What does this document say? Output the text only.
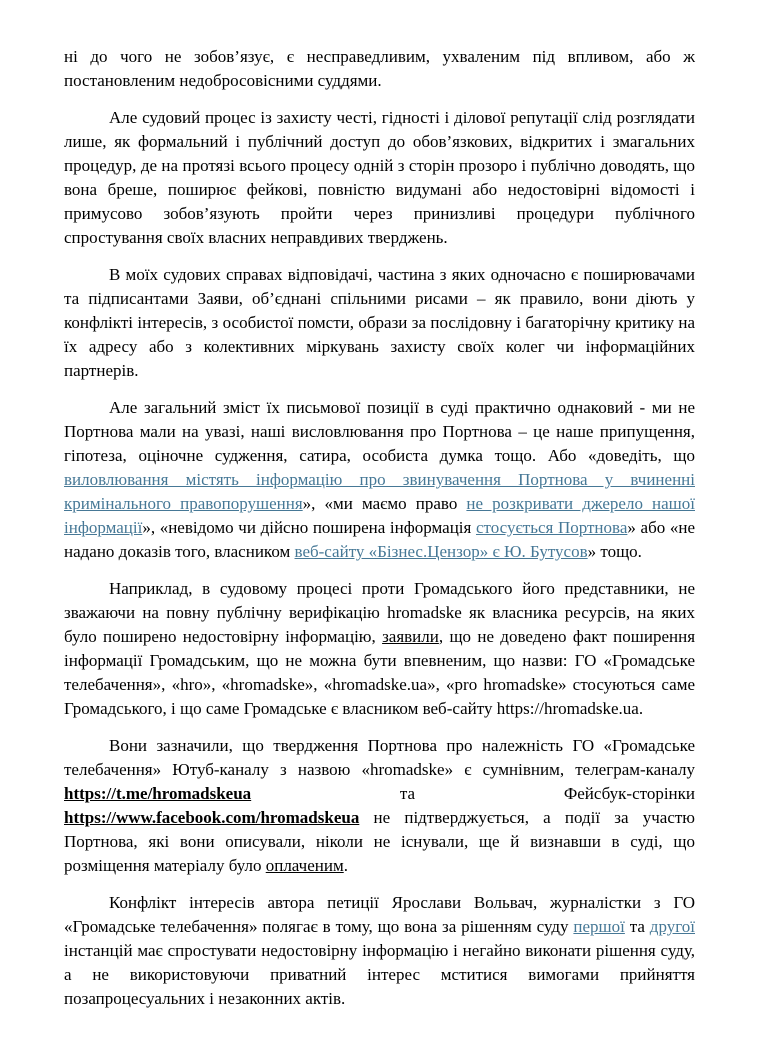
ні до чого не зобов’язує, є несправедливим, ухваленим під впливом, або ж постановленим недобросовісними суддями.

Але судовий процес із захисту честі, гідності і ділової репутації слід розглядати лише, як формальний і публічний доступ до обов’язкових, відкритих і змагальних процедур, де на протязі всього процесу одній з сторін прозоро і публічно доводять, що вона бреше, поширює фейкові, повністю видумані або недостовірні відомості і примусово зобов’язують пройти через принизливі процедури публічного спростування своїх власних неправдивих тверджень.

В моїх судових справах відповідачі, частина з яких одночасно є поширювачами та підписантами Заяви, об’єднані спільними рисами – як правило, вони діють у конфлікті інтересів, з особистої помсти, образи за послідовну і багаторічну критику на їх адресу або з колективних міркувань захисту своїх колег чи інформаційних партнерів.

Але загальний зміст їх письмової позиції в суді практично однаковий - ми не Портнова мали на увазі, наші висловлювання про Портнова – це наше припущення, гіпотеза, оціночне судження, сатира, особиста думка тощо. Або «доведіть, що виловлювання містять інформацію про звинувачення Портнова у вчиненні кримінального правопорушення», «ми маємо право не розкривати джерело нашої інформації», «невідомо чи дійсно поширена інформація стосується Портнова» або «не надано доказів того, власником веб-сайту «Бізнес.Цензор» є Ю. Бутусов» тощо.

Наприклад, в судовому процесі проти Громадського його представники, не зважаючи на повну публічну верифікацію hromadske як власника ресурсів, на яких було поширено недостовірну інформацію, заявили, що не доведено факт поширення інформації Громадським, що не можна бути впевненим, що назви: ГО «Громадське телебачення», «hro», «hromadske», «hromadske.ua», «pro hromadske» стосуються саме Громадського, і що саме Громадське є власником веб-сайту https://hromadske.ua.

Вони зазначили, що твердження Портнова про належність ГО «Громадське телебачення» Ютуб-каналу з назвою «hromadske» є сумнівним, телеграм-каналу https://t.me/hromadskeua та Фейсбук-сторінки https://www.facebook.com/hromadskeua не підтверджується, а події за участю Портнова, які вони описували, ніколи не існували, ще й визнавши в суді, що розміщення матеріалу було оплаченим.

Конфлікт інтересів автора петиції Ярослави Вольвач, журналістки з ГО «Громадське телебачення» полягає в тому, що вона за рішенням суду першої та другої інстанцій має спростувати недостовірну інформацію і негайно виконати рішення суду, а не використовуючи приватний інтерес мститися вимогами прийняття позапроцесуальних і незаконних актів.
